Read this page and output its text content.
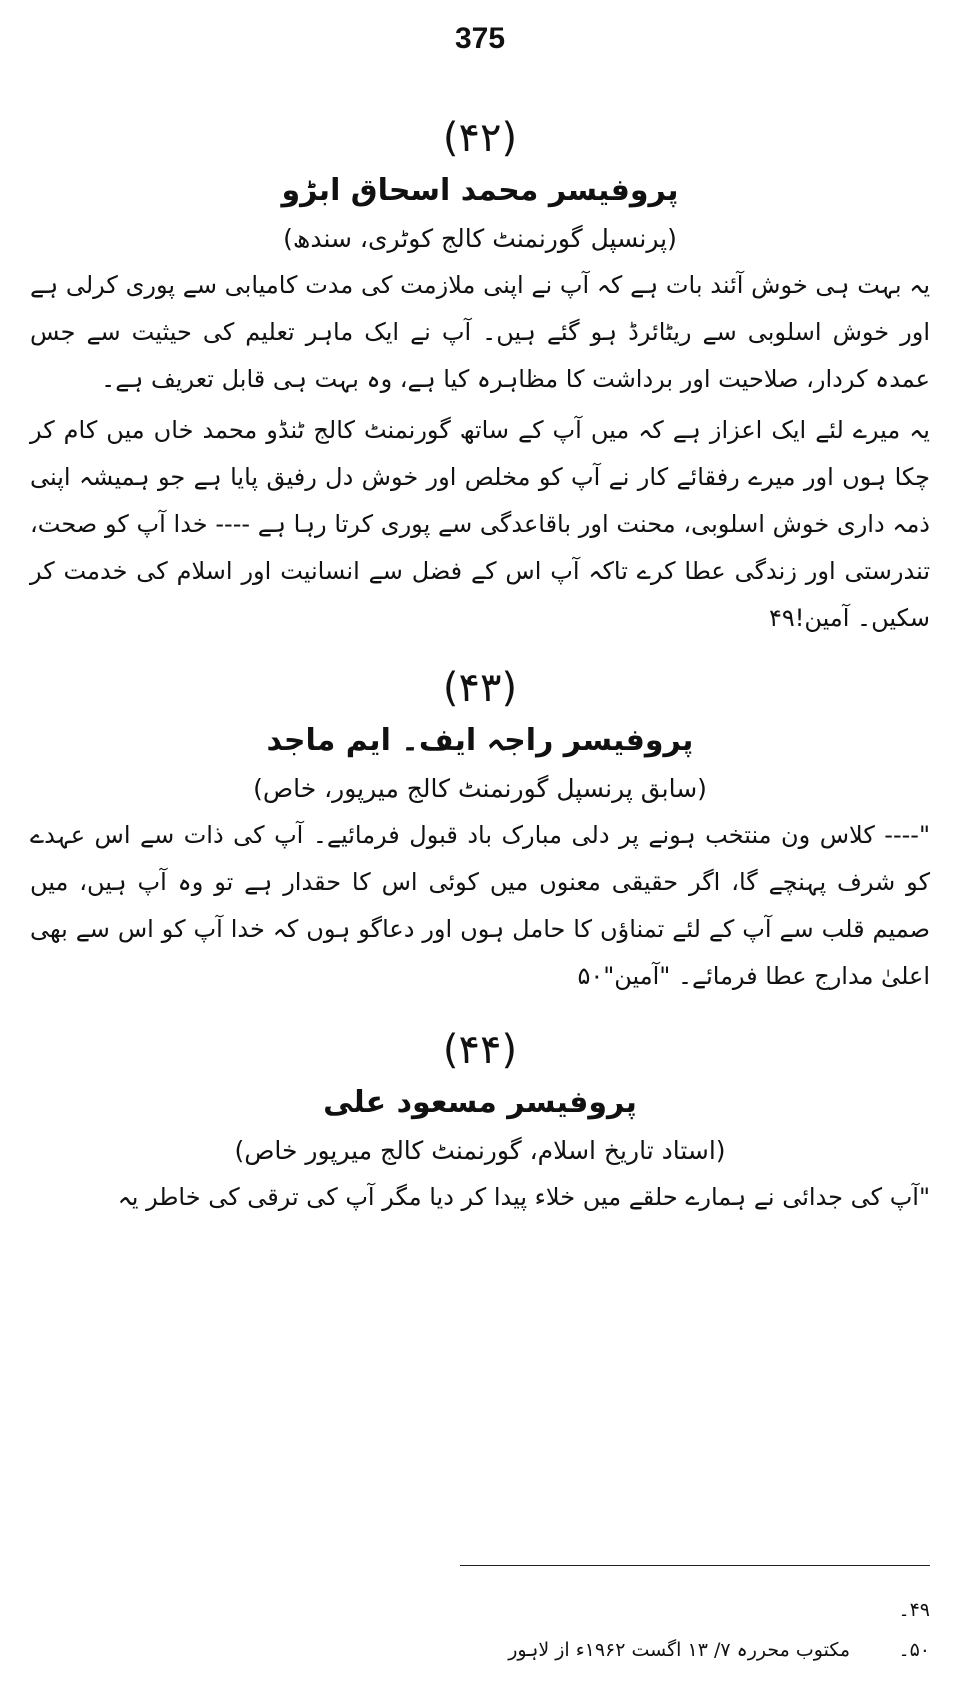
375
(۴۲)
پروفیسر محمد اسحاق ابڑو
(پرنسپل گورنمنٹ کالج کوٹری، سندھ)

یہ بہت ہی خوش آئند بات ہے کہ آپ نے اپنی ملازمت کی مدت کامیابی سے پوری کرلی ہے اور خوش اسلوبی سے ریٹائرڈ ہو گئے ہیں۔ آپ نے ایک ماہر تعلیم کی حیثیت سے جس عمدہ کردار، صلاحیت اور برداشت کا مظاہرہ کیا ہے، وہ بہت ہی قابل تعریف ہے۔

یہ میرے لئے ایک اعزاز ہے کہ میں آپ کے ساتھ گورنمنٹ کالج ٹنڈو محمد خاں میں کام کر چکا ہوں اور میرے رفقائے کار نے آپ کو مخلص اور خوش دل رفیق پایا ہے جو ہمیشہ اپنی ذمہ داری خوش اسلوبی، محنت اور باقاعدگی سے پوری کرتا رہا ہے ---- خدا آپ کو صحت، تندرستی اور زندگی عطا کرے تاکہ آپ اس کے فضل سے انسانیت اور اسلام کی خدمت کر سکیں۔ آمین!۴۹

(۴۳)
پروفیسر راجہ ایف۔ ایم ماجد
(سابق پرنسپل گورنمنٹ کالج میرپور، خاص)

"---- کلاس ون منتخب ہونے پر دلی مبارک باد قبول فرمائیے۔ آپ کی ذات سے اس عہدے کو شرف پہنچے گا، اگر حقیقی معنوں میں کوئی اس کا حقدار ہے تو وہ آپ ہیں، میں صمیم قلب سے آپ کے لئے تمناؤں کا حامل ہوں اور دعاگو ہوں کہ خدا آپ کو اس سے بھی اعلیٰ مدارج عطا فرمائے۔ "آمین"۵۰

(۴۴)
پروفیسر مسعود علی
(استاد تاریخ اسلام، گورنمنٹ کالج میرپور خاص)

"آپ کی جدائی نے ہمارے حلقے میں خلاء پیدا کر دیا مگر آپ کی ترقی کی خاطر یہ

۴۹۔
۵۰۔
مکتوب محررہ ۷/ ۱۳ اگست ۱۹۶۲ء از لاہور
